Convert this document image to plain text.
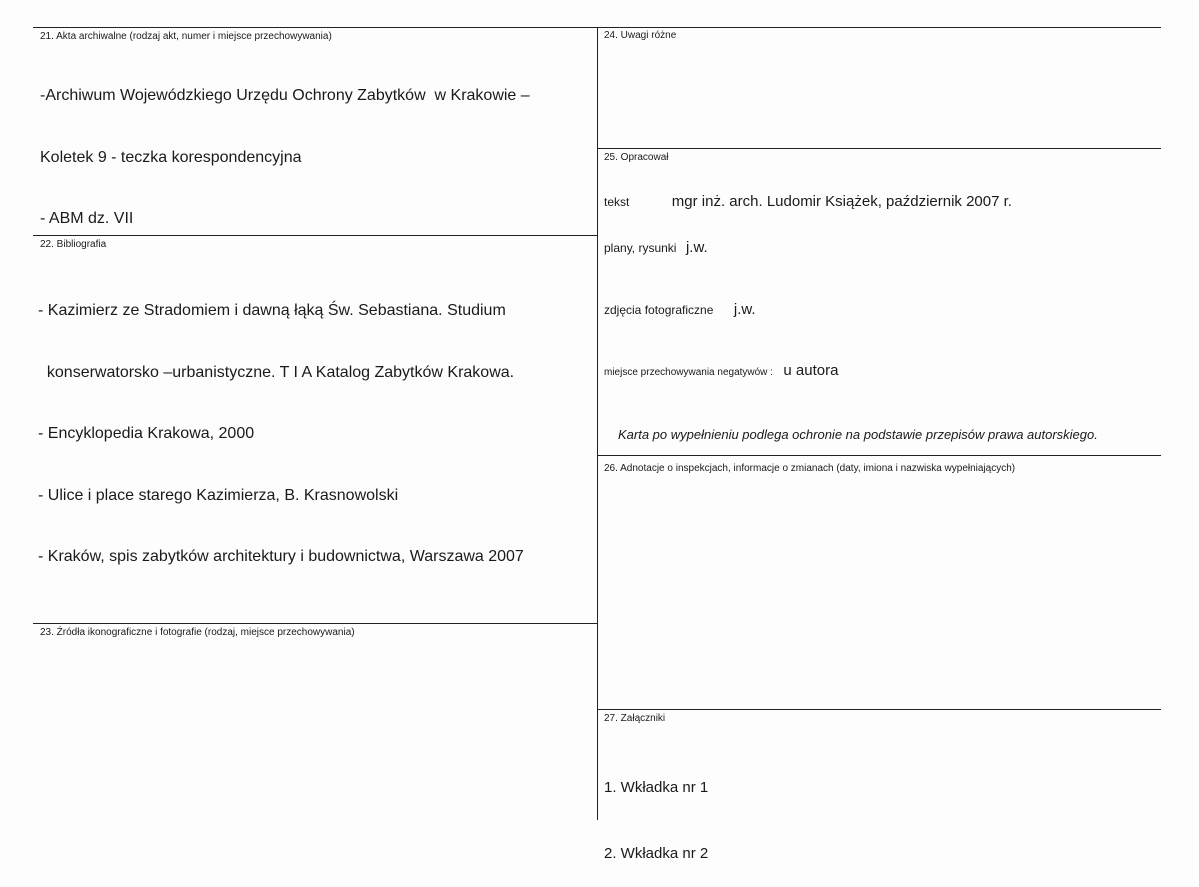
21. Akta archiwalne (rodzaj akt, numer i miejsce przechowywania)

-Archiwum Wojewódzkiego Urzędu Ochrony Zabytków  w Krakowie –

Koletek 9 - teczka korespondencyjna

- ABM dz. VII

22. Bibliografia

- Kazimierz ze Stradomiem i dawną łąką Św. Sebastiana. Studium

konserwatorsko –urbanistyczne. T I A Katalog Zabytków Krakowa.

- Encyklopedia Krakowa, 2000

- Ulice i place starego Kazimierza, B. Krasnowolski

- Kraków, spis zabytków architektury i budownictwa, Warszawa 2007

23. Źródła ikonograficzne i fotografie (rodzaj, miejsce przechowywania)
24. Uwagi różne
25. Opracował
tekst	mgr inż. arch. Ludomir Książek, październik 2007 r.
plany, rysunki j.w.
zdjęcia fotograficzne j.w.
miejsce przechowywania negatywów : u autora
Karta po wypełnieniu podlega ochronie na podstawie przepisów prawa autorskiego.
26. Adnotacje o inspekcjach, informacje o zmianach (daty, imiona i nazwiska wypełniających)
27. Załączniki

1. Wkładka nr 1

2. Wkładka nr 2
